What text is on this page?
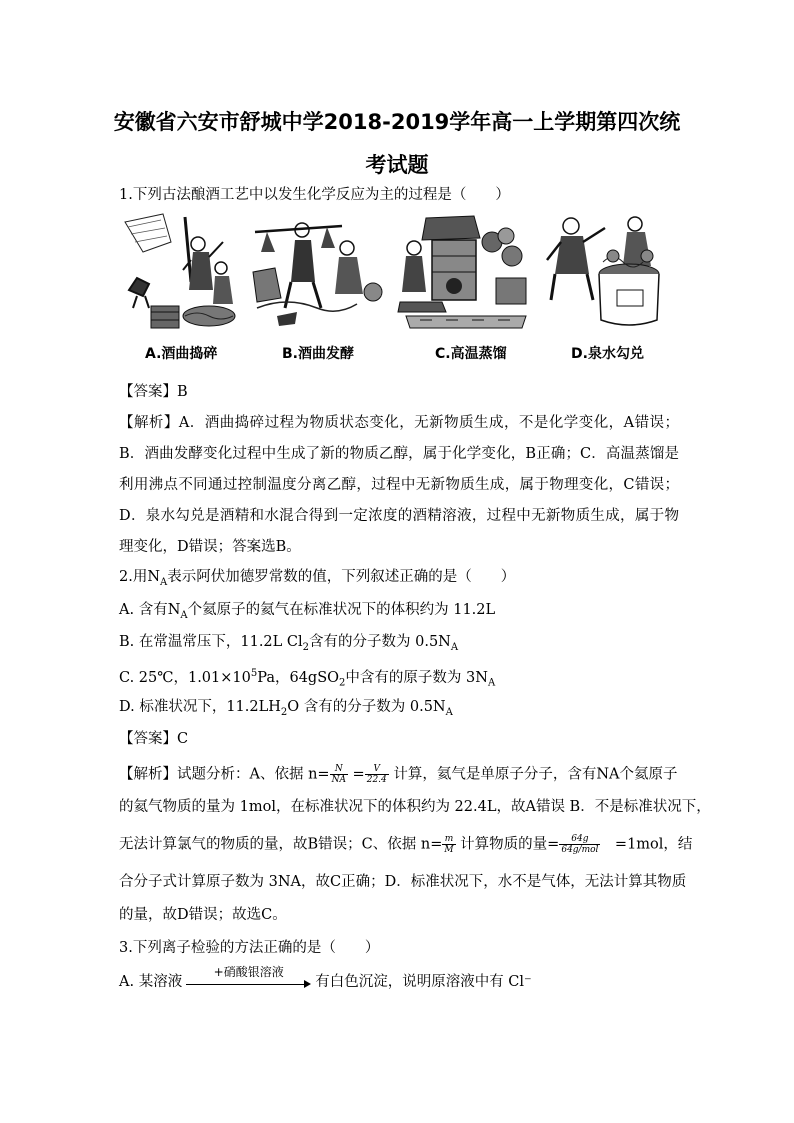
安徽省六安市舒城中学2018-2019学年高一上学期第四次统
考试题
1.下列古法酿酒工艺中以发生化学反应为主的过程是（　　）
A.酒曲捣碎	B.酒曲发酵	C.高温蒸馏	D.泉水勾兑
【答案】B
【解析】A．酒曲捣碎过程为物质状态变化，无新物质生成，不是化学变化，A错误；B．酒曲发酵变化过程中生成了新的物质乙醇，属于化学变化，B正确；C．高温蒸馏是利用沸点不同通过控制温度分离乙醇，过程中无新物质生成，属于物理变化，C错误；D．泉水勾兑是酒精和水混合得到一定浓度的酒精溶液，过程中无新物质生成，属于物理变化，D错误；答案选B。
2.用$N_A$表示阿伏加德罗常数的值，下列叙述正确的是（　　）
A. 含有$N_A$个氦原子的氦气在标准状况下的体积约为 11.2L
B. 在常温常压下，11.2L $Cl_2$含有的分子数为 $0.5N_A$
C. 25℃，$1.01\times 10^5Pa$，64gSO$_2$中含有的原子数为 $3N_A$
D. 标准状况下，$11.2LH_2O$ 含有的分子数为 $0.5N_A$
【答案】C
【解析】试题分析：A、依据 $n= \frac{N}{NA} = \frac{V}{22.4}$ 计算，氦气是单原子分子，含有NA个氦原子
的氦气物质的量为 1mol，在标准状况下的体积约为 22.4L，故A错误 B．不是标准状况下，
无法计算氯气的物质的量，故B错误；C、依据 $n= \frac{m}{M}$ 计算物质的量= $\frac{64g}{\text{64g/mol}}$ 　=1mol，结
合分子式计算原子数为 3NA，故C正确；D．标准状况下，水不是气体，无法计算其物质
的量，故D错误；故选C。
3.下列离子检验的方法正确的是（　　）
A. 某溶液
+硝酸银溶液
有白色沉淀，说明原溶液中有 Cl⁻
